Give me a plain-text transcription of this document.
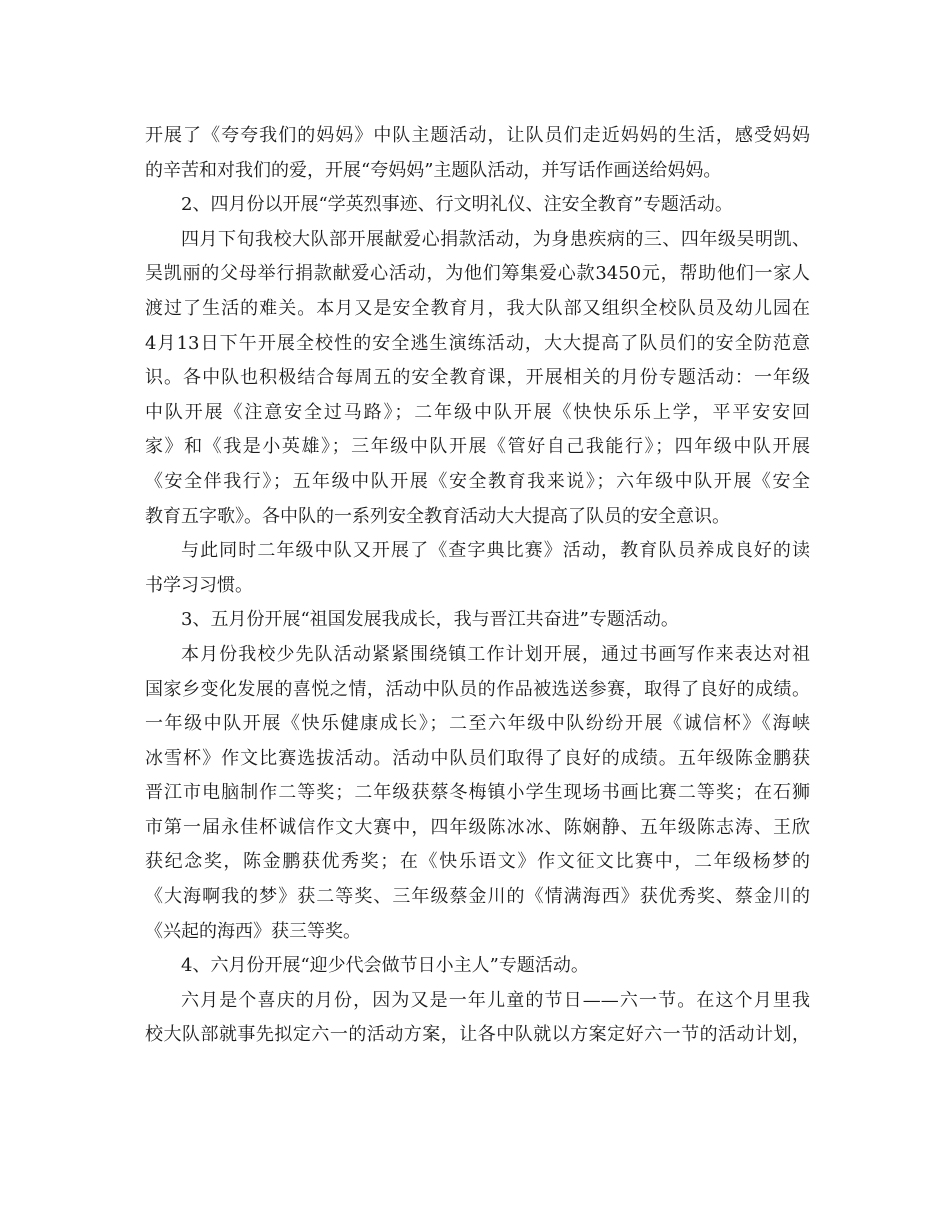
开展了《夸夸我们的妈妈》中队主题活动，让队员们走近妈妈的生活，感受妈妈
的辛苦和对我们的爱，开展“夸妈妈”主题队活动，并写话作画送给妈妈。
2、四月份以开展“学英烈事迹、行文明礼仪、注安全教育”专题活动。
四月下旬我校大队部开展献爱心捐款活动，为身患疾病的三、四年级吴明凯、
吴凯丽的父母举行捐款献爱心活动，为他们筹集爱心款3450元，帮助他们一家人
渡过了生活的难关。本月又是安全教育月，我大队部又组织全校队员及幼儿园在
4月13日下午开展全校性的安全逃生演练活动，大大提高了队员们的安全防范意
识。各中队也积极结合每周五的安全教育课，开展相关的月份专题活动：一年级
中队开展《注意安全过马路》；二年级中队开展《快快乐乐上学，平平安安回
家》和《我是小英雄》；三年级中队开展《管好自己我能行》；四年级中队开展
《安全伴我行》；五年级中队开展《安全教育我来说》；六年级中队开展《安全
教育五字歌》。各中队的一系列安全教育活动大大提高了队员的安全意识。
与此同时二年级中队又开展了《查字典比赛》活动，教育队员养成良好的读
书学习习惯。
3、五月份开展“祖国发展我成长，我与晋江共奋进”专题活动。
本月份我校少先队活动紧紧围绕镇工作计划开展，通过书画写作来表达对祖
国家乡变化发展的喜悦之情，活动中队员的作品被选送参赛，取得了良好的成绩。
一年级中队开展《快乐健康成长》；二至六年级中队纷纷开展《诚信杯》《海峡
冰雪杯》作文比赛选拔活动。活动中队员们取得了良好的成绩。五年级陈金鹏获
晋江市电脑制作二等奖；二年级获蔡冬梅镇小学生现场书画比赛二等奖；在石狮
市第一届永佳杯诚信作文大赛中，四年级陈冰冰、陈娴静、五年级陈志涛、王欣
获纪念奖，陈金鹏获优秀奖；在《快乐语文》作文征文比赛中，二年级杨梦的
《大海啊我的梦》获二等奖、三年级蔡金川的《情满海西》获优秀奖、蔡金川的
《兴起的海西》获三等奖。
4、六月份开展“迎少代会做节日小主人”专题活动。
六月是个喜庆的月份，因为又是一年儿童的节日——六一节。在这个月里我
校大队部就事先拟定六一的活动方案，让各中队就以方案定好六一节的活动计划，
